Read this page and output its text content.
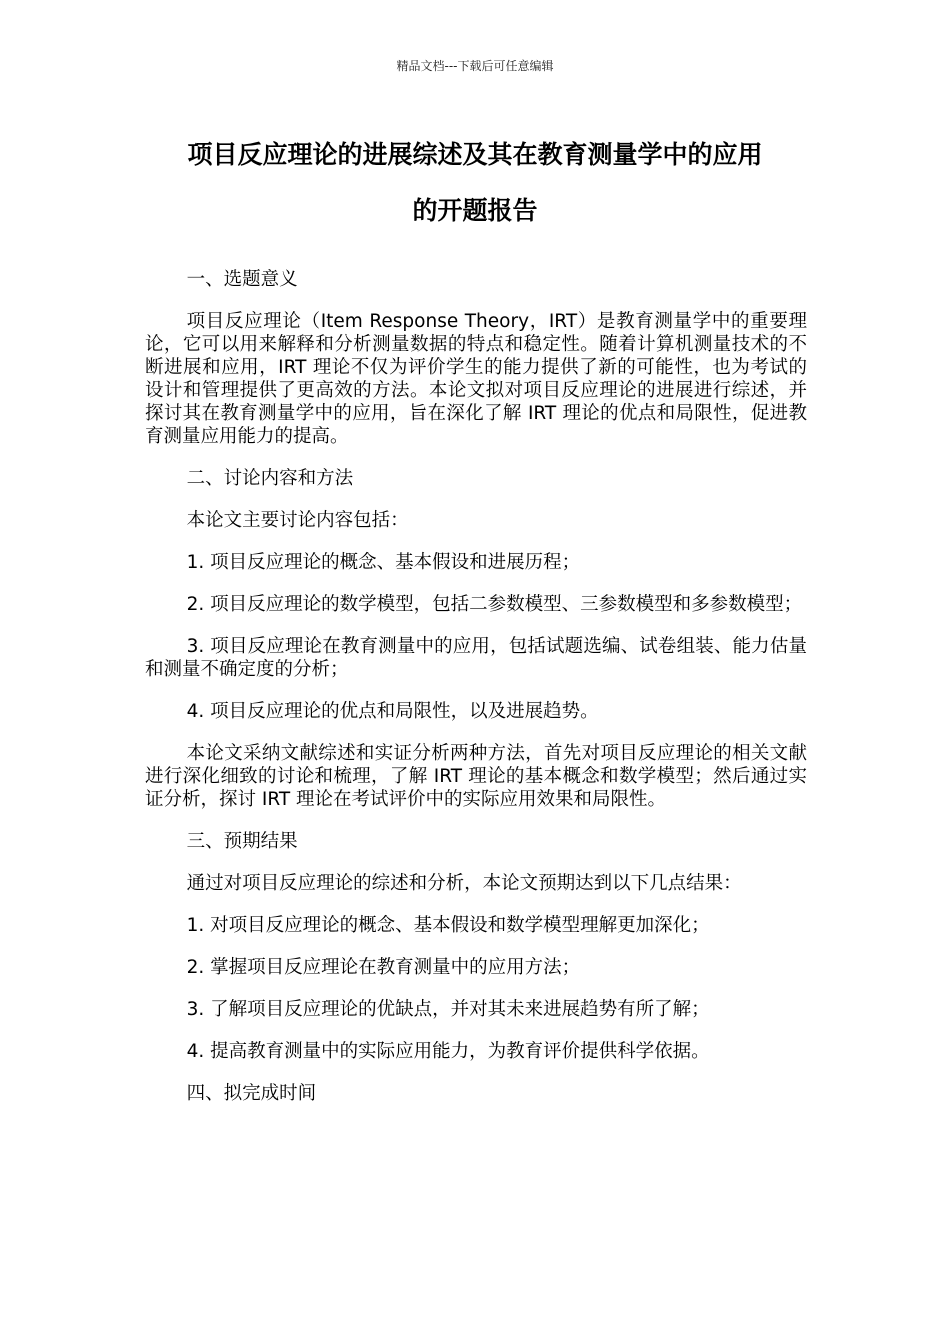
精品文档---下载后可任意编辑
项目反应理论的进展综述及其在教育测量学中的应用
的开题报告

一、选题意义

项目反应理论（Item Response Theory，IRT）是教育测量学中的重要理论，它可以用来解释和分析测量数据的特点和稳定性。随着计算机测量技术的不断进展和应用，IRT 理论不仅为评价学生的能力提供了新的可能性，也为考试的设计和管理提供了更高效的方法。本论文拟对项目反应理论的进展进行综述，并探讨其在教育测量学中的应用，旨在深化了解 IRT 理论的优点和局限性，促进教育测量应用能力的提高。

二、讨论内容和方法

本论文主要讨论内容包括：

1. 项目反应理论的概念、基本假设和进展历程；

2. 项目反应理论的数学模型，包括二参数模型、三参数模型和多参数模型；

3. 项目反应理论在教育测量中的应用，包括试题选编、试卷组装、能力估量和测量不确定度的分析；

4. 项目反应理论的优点和局限性，以及进展趋势。

本论文采纳文献综述和实证分析两种方法，首先对项目反应理论的相关文献进行深化细致的讨论和梳理，了解 IRT 理论的基本概念和数学模型；然后通过实证分析，探讨 IRT 理论在考试评价中的实际应用效果和局限性。

三、预期结果

通过对项目反应理论的综述和分析，本论文预期达到以下几点结果：

1. 对项目反应理论的概念、基本假设和数学模型理解更加深化；

2. 掌握项目反应理论在教育测量中的应用方法；

3. 了解项目反应理论的优缺点，并对其未来进展趋势有所了解；

4. 提高教育测量中的实际应用能力，为教育评价提供科学依据。

四、拟完成时间
